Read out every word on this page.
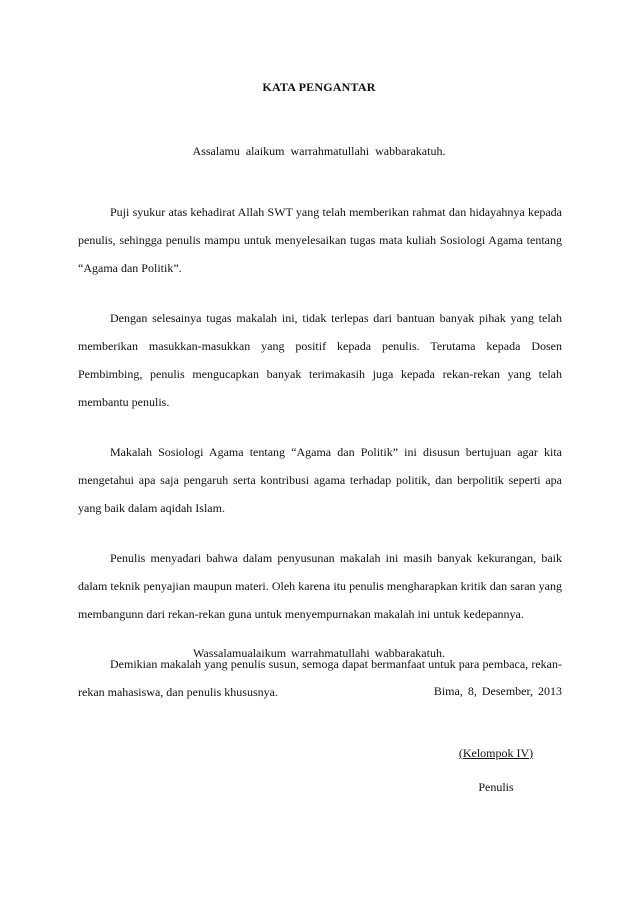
KATA PENGANTAR
Assalamu alaikum warrahmatullahi wabbarakatuh.

Puji syukur atas kehadirat Allah SWT yang telah memberikan rahmat dan hidayahnya kepada penulis, sehingga penulis mampu untuk menyelesaikan tugas mata kuliah Sosiologi Agama tentang “Agama dan Politik”.

Dengan selesainya tugas makalah ini, tidak terlepas dari bantuan banyak pihak yang telah memberikan masukkan-masukkan yang positif kepada penulis. Terutama kepada Dosen Pembimbing, penulis mengucapkan banyak terimakasih juga kepada rekan-rekan yang telah membantu penulis.

Makalah Sosiologi Agama tentang “Agama dan Politik” ini disusun bertujuan agar kita mengetahui apa saja pengaruh serta kontribusi agama terhadap politik, dan berpolitik seperti apa yang baik dalam aqidah Islam.

Penulis menyadari bahwa dalam penyusunan makalah ini masih banyak kekurangan, baik dalam teknik penyajian maupun materi. Oleh karena itu penulis mengharapkan kritik dan saran yang membangunn dari rekan-rekan guna untuk menyempurnakan makalah ini untuk kedepannya.

Demikian makalah yang penulis susun, semoga dapat bermanfaat untuk para pembaca, rekan-rekan mahasiswa, dan penulis khususnya.

Wassalamualaikum warrahmatullahi wabbarakatuh.
Bima, 8, Desember, 2013
(Kelompok IV)
Penulis
